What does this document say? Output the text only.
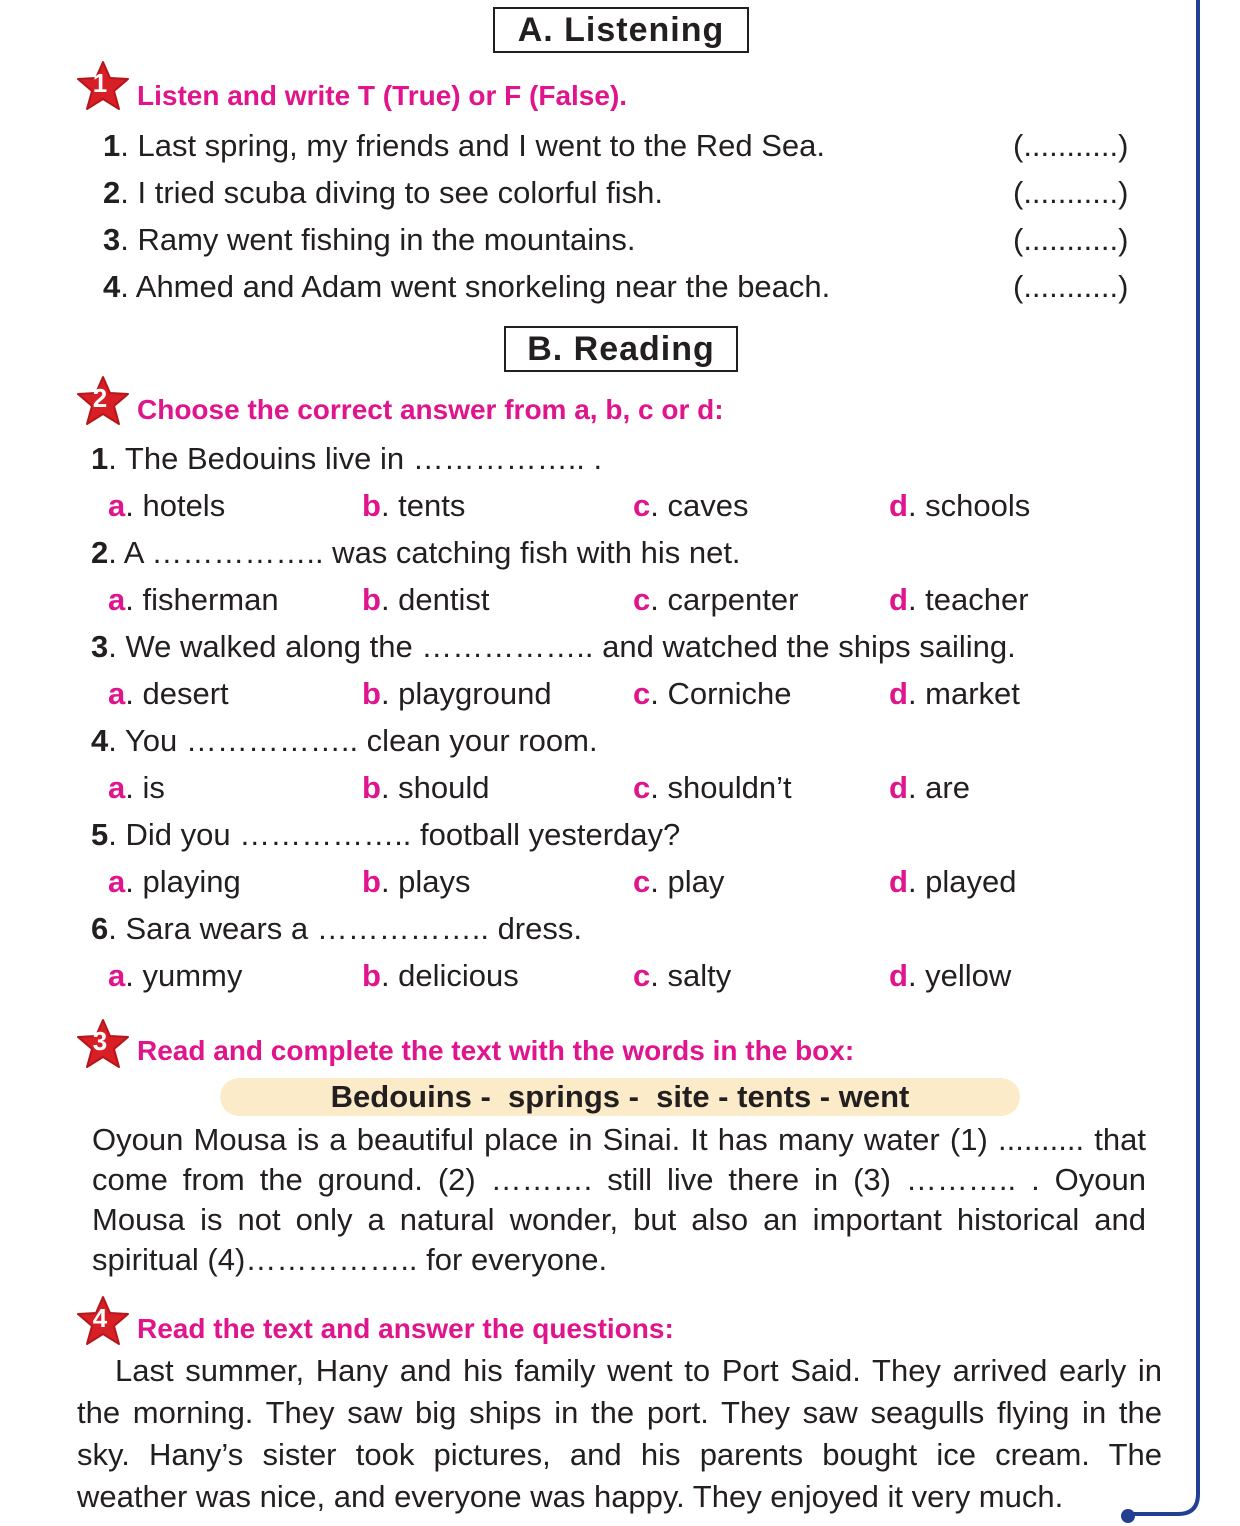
A. Listening
1	Listen and write T (True) or F (False).
1. Last spring, my friends and I went to the Red Sea.	(...........)
2. I tried scuba diving to see colorful fish.	(...........)
3. Ramy went fishing in the mountains.	(...........)
4. Ahmed and Adam went snorkeling near the beach.	(...........)
B. Reading
2	Choose the correct answer from a, b, c or d:
1. The Bedouins live in …………….. .
a. hotels	b. tents	c. caves	d. schools
2. A …………….. was catching fish with his net.
a. fisherman	b. dentist	c. carpenter	d. teacher
3. We walked along the …………….. and watched the ships sailing.
a. desert	b. playground	c. Corniche	d. market
4. You …………….. clean your room.
a. is	b. should	c. shouldn’t	d. are
5. Did you …………….. football yesterday?
a. playing	b. plays	c. play	d. played
6. Sara wears a …………….. dress.
a. yummy	b. delicious	c. salty	d. yellow
3	Read and complete the text with the words in the box:
Bedouins -  springs -  site - tents - went
Oyoun Mousa is a beautiful place in Sinai. It has many water (1) .......... that come from the ground. (2) ………. still live there in (3) ……….. . Oyoun Mousa is not only a natural wonder, but also an important historical and spiritual (4)…………….. for everyone.
4	Read the text and answer the questions:
Last summer, Hany and his family went to Port Said. They arrived early in the morning. They saw big ships in the port. They saw seagulls flying in the sky. Hany’s sister took pictures, and his parents bought ice cream. The weather was nice, and everyone was happy. They enjoyed it very much.
